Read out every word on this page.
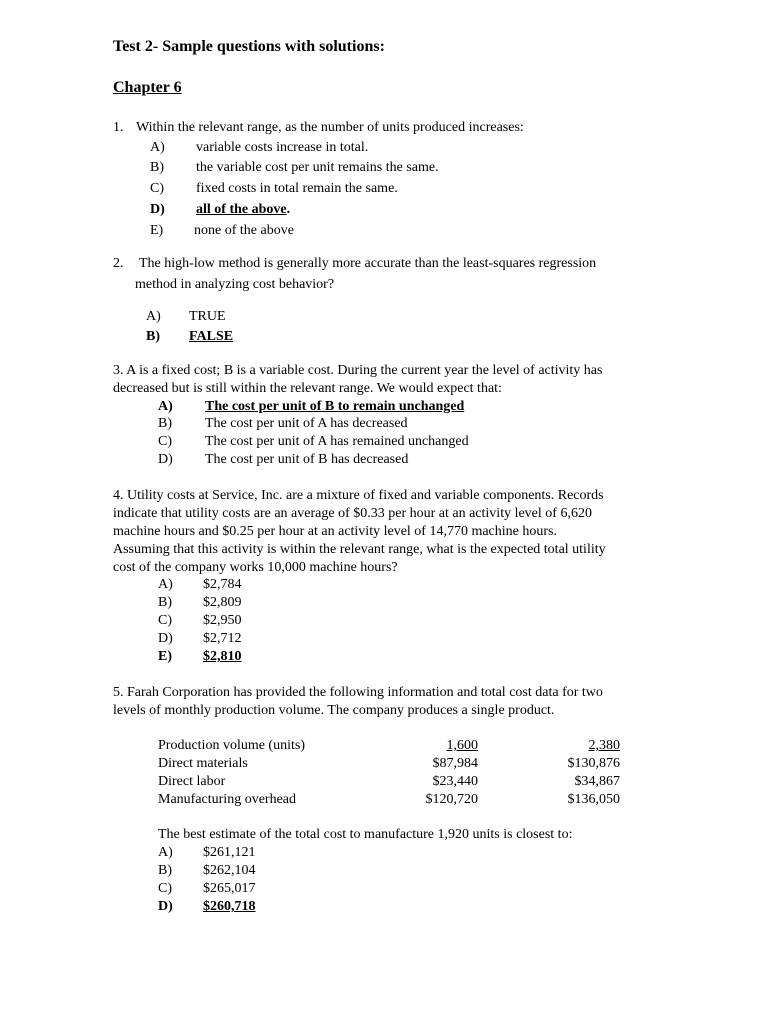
Test 2- Sample questions with solutions:
Chapter 6
1. Within the relevant range, as the number of units produced increases:
A) variable costs increase in total.
B) the variable cost per unit remains the same.
C) fixed costs in total remain the same.
D) all of the above.
E) none of the above
2. The high-low method is generally more accurate than the least-squares regression
method in analyzing cost behavior?
A) TRUE
B) FALSE
3. A is a fixed cost; B is a variable cost. During the current year the level of activity has
decreased but is still within the relevant range. We would expect that:
A) The cost per unit of B to remain unchanged
B) The cost per unit of A has decreased
C) The cost per unit of A has remained unchanged
D) The cost per unit of B has decreased
4. Utility costs at Service, Inc. are a mixture of fixed and variable components. Records
indicate that utility costs are an average of $0.33 per hour at an activity level of 6,620
machine hours and $0.25 per hour at an activity level of 14,770 machine hours.
Assuming that this activity is within the relevant range, what is the expected total utility
cost of the company works 10,000 machine hours?
A) $2,784
B) $2,809
C) $2,950
D) $2,712
E) $2,810
5. Farah Corporation has provided the following information and total cost data for two
levels of monthly production volume. The company produces a single product.
Production volume (units)	1,600	2,380
Direct materials	$87,984	$130,876
Direct labor	$23,440	$34,867
Manufacturing overhead	$120,720	$136,050
The best estimate of the total cost to manufacture 1,920 units is closest to:
A) $261,121
B) $262,104
C) $265,017
D) $260,718
